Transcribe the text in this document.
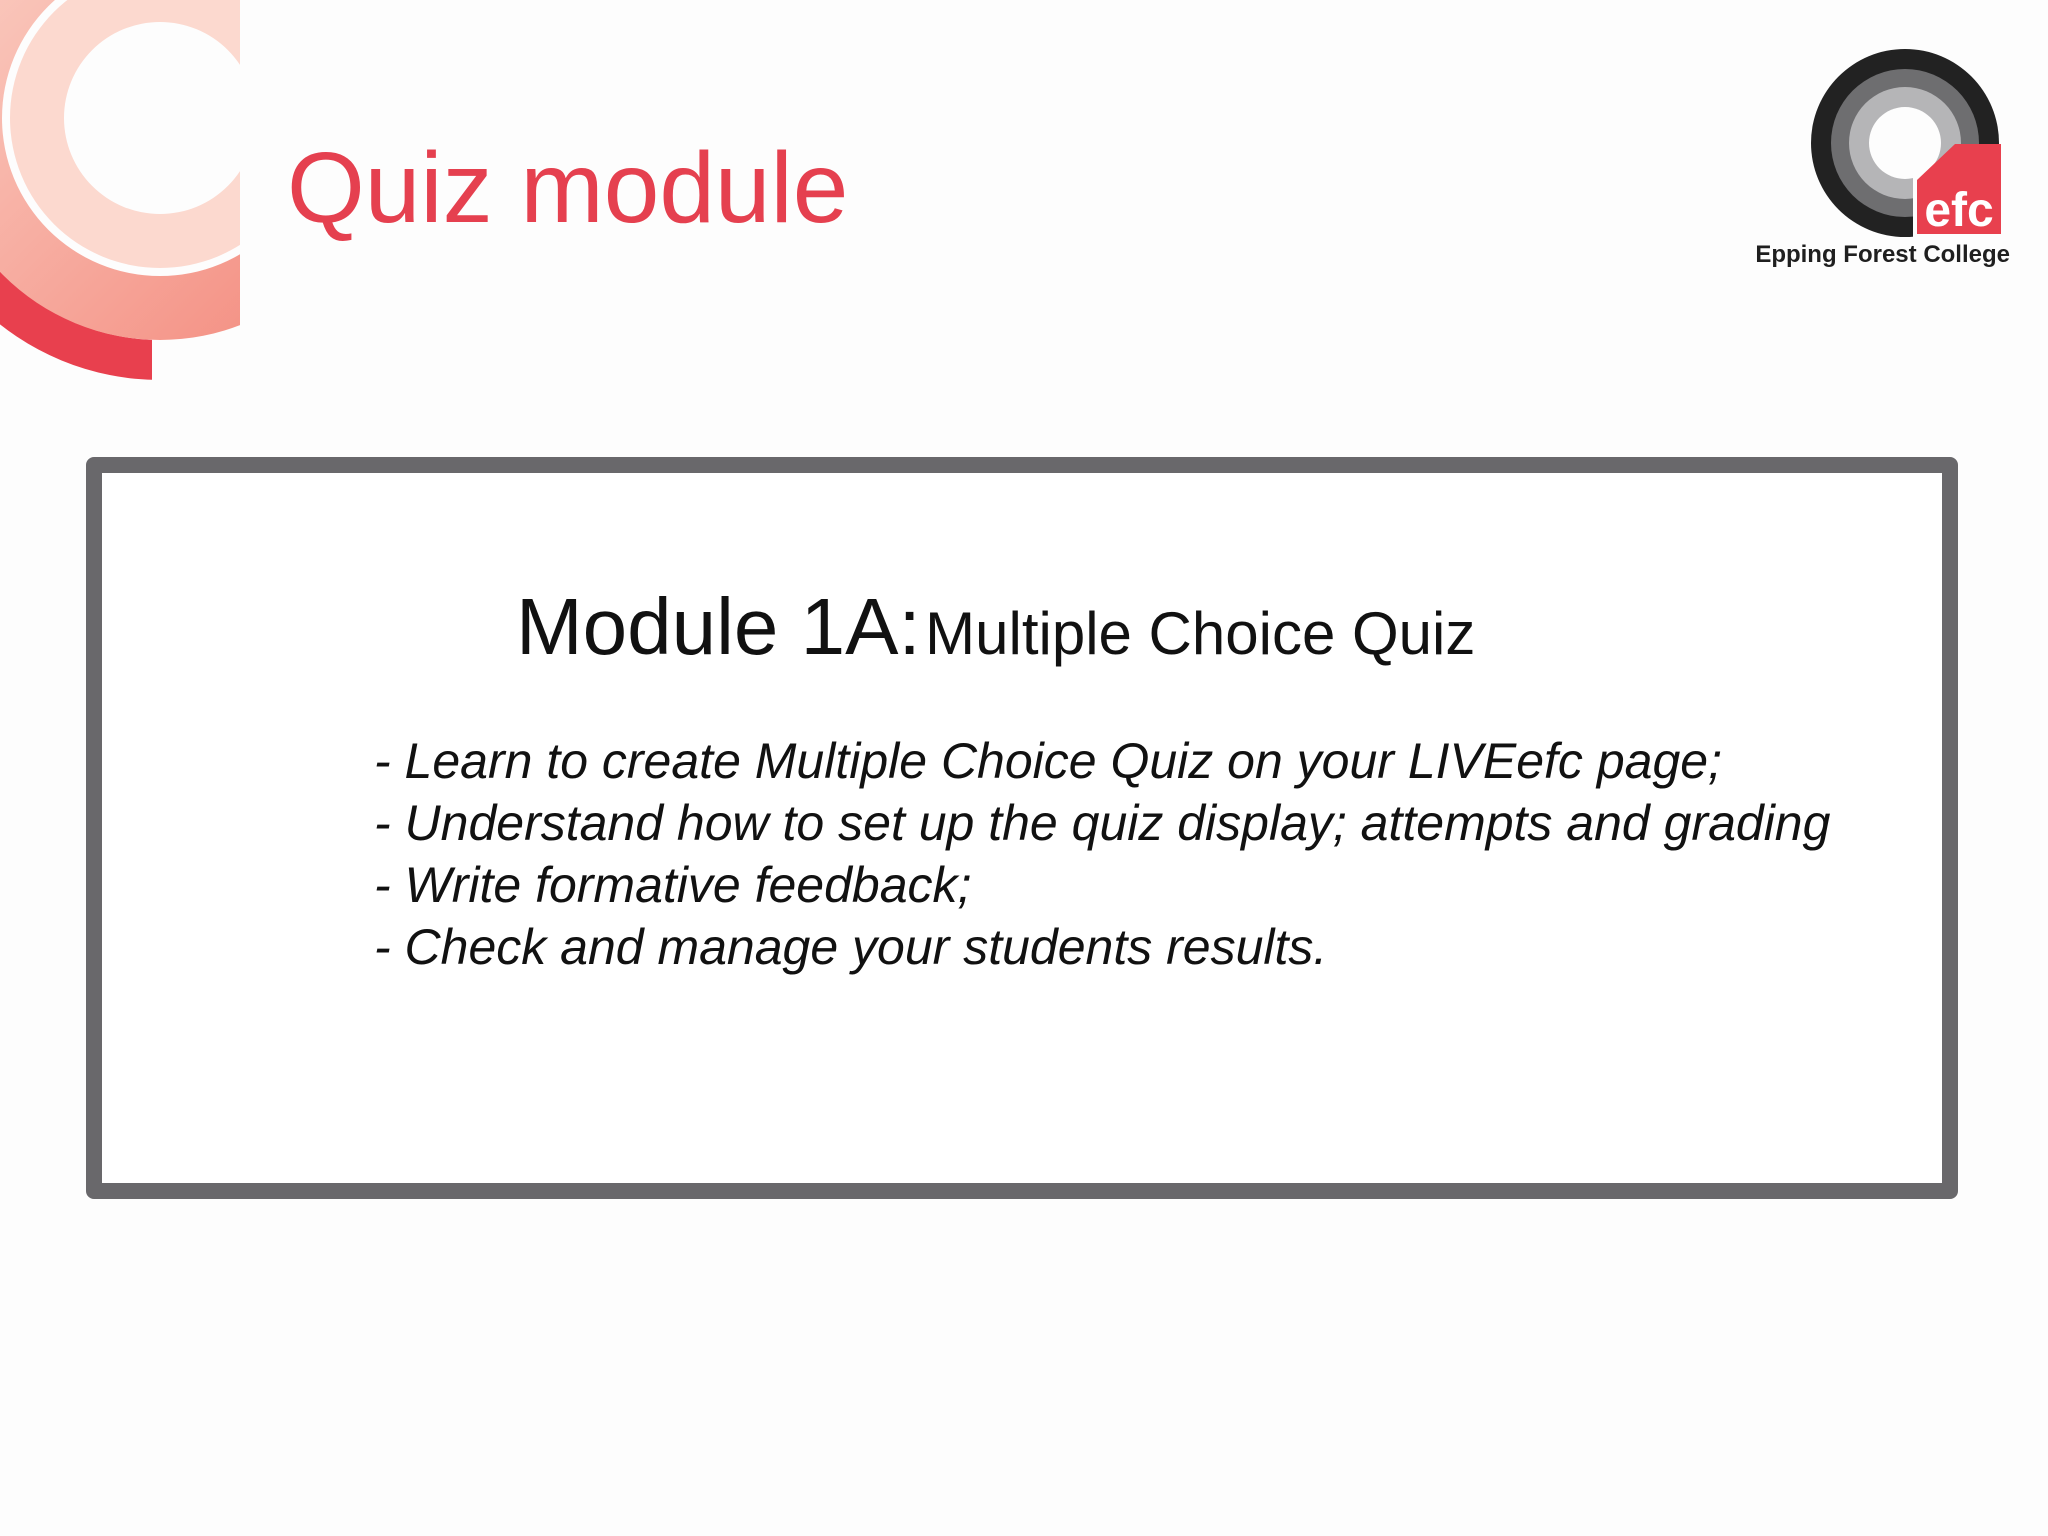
Quiz module	efc
Epping Forest College
Module 1A: Multiple Choice Quiz
- Learn to create Multiple Choice Quiz on your LIVEefc page;
- Understand how to set up the quiz display; attempts and grading
- Write formative feedback;
- Check and manage your students results.
